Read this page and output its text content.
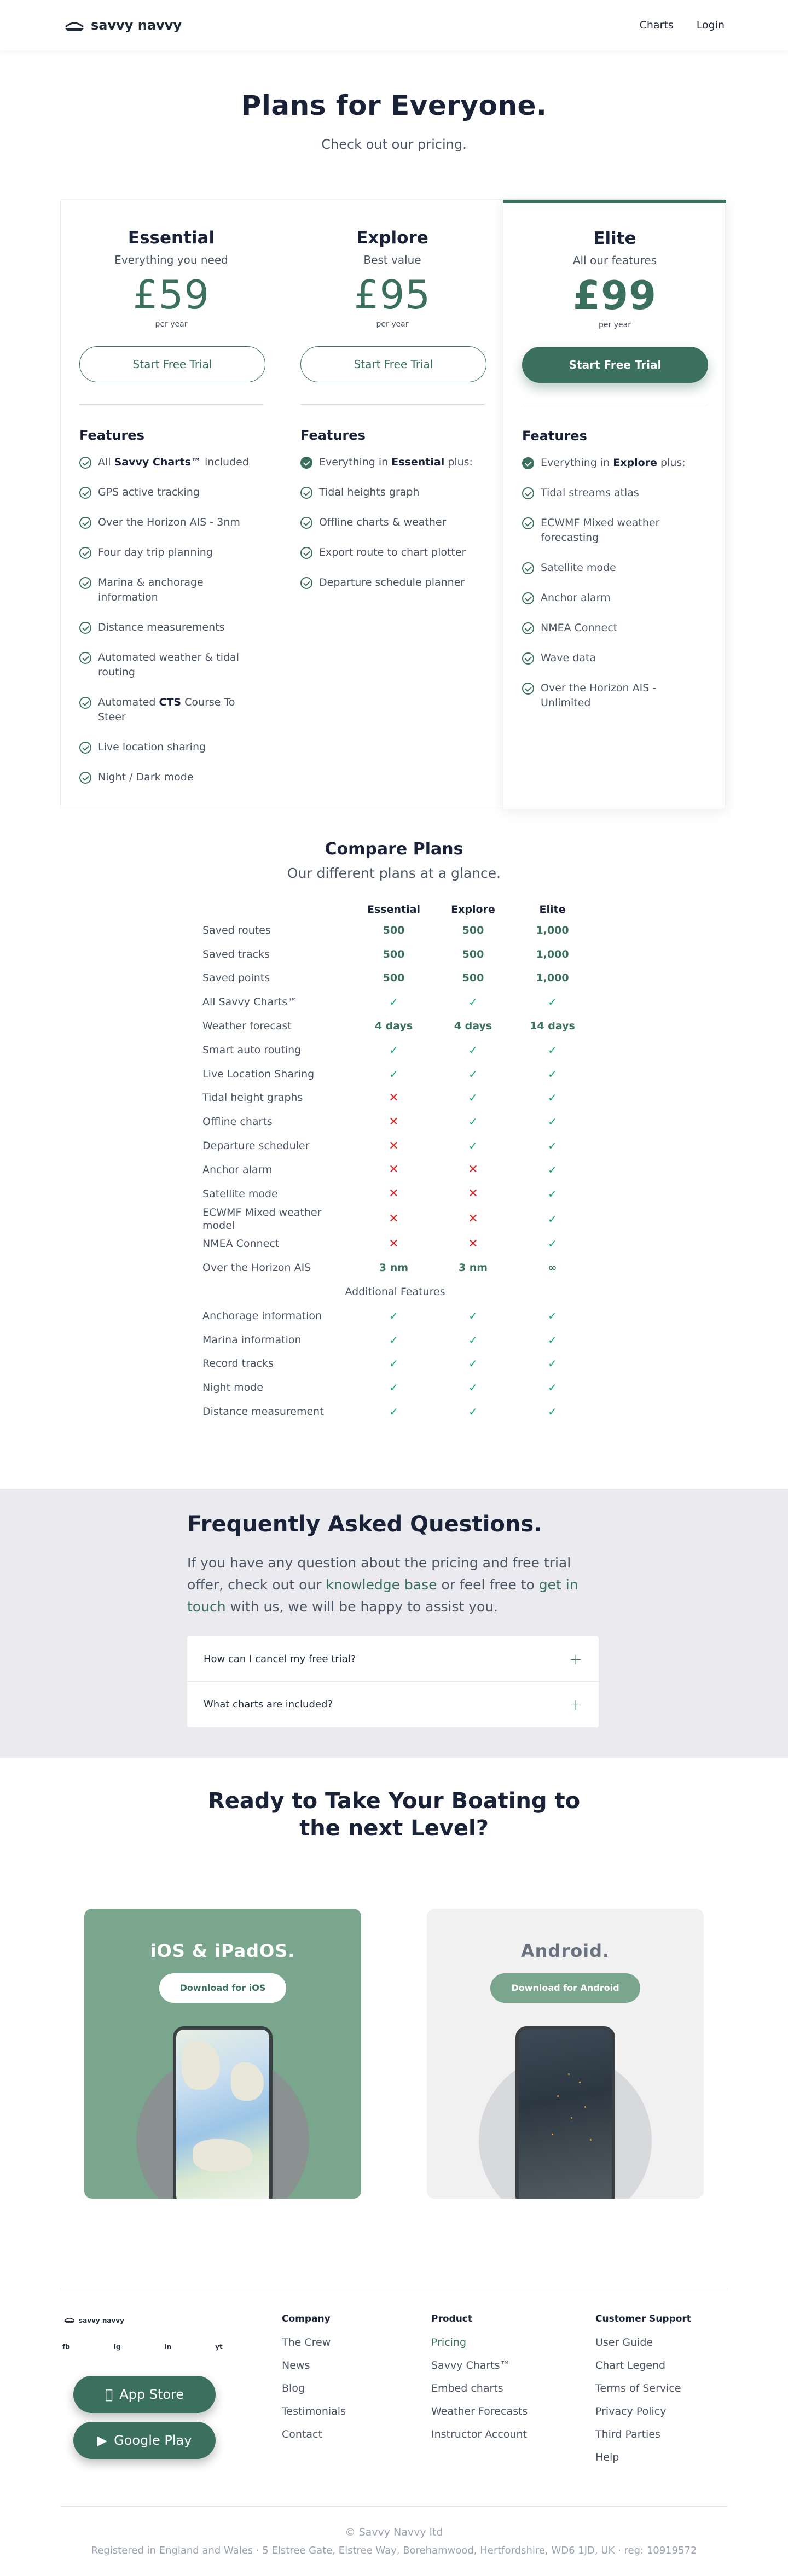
savvy navvy	Charts Login
Plans for Everyone.

Check out our pricing.

Essential
Everything you need
£59
per year
Start Free Trial
Features
All Savvy Charts™ included
GPS active tracking
Over the Horizon AIS - 3nm
Four day trip planning
Marina & anchorage information
Distance measurements
Automated weather & tidal routing
Automated CTS Course To Steer
Live location sharing
Night / Dark mode
Explore
Best value
£95
per year
Start Free Trial
Features
Everything in Essential plus:
Tidal heights graph
Offline charts & weather
Export route to chart plotter
Departure schedule planner
Elite
All our features
£99
per year
Start Free Trial
Features
Everything in Explore plus:
Tidal streams atlas
ECWMF Mixed weather forecasting
Satellite mode
Anchor alarm
NMEA Connect
Wave data
Over the Horizon AIS - Unlimited
Compare Plans

Our different plans at a glance.

	Essential	Explore	Elite
Saved routes	500	500	1,000
Saved tracks	500	500	1,000
Saved points	500	500	1,000
All Savvy Charts™	✓	✓	✓
Weather forecast	4 days	4 days	14 days
Smart auto routing	✓	✓	✓
Live Location Sharing	✓	✓	✓
Tidal height graphs	✕	✓	✓
Offline charts	✕	✓	✓
Departure scheduler	✕	✓	✓
Anchor alarm	✕	✕	✓
Satellite mode	✕	✕	✓
ECWMF Mixed weather model	✕	✕	✓
NMEA Connect	✕	✕	✓
Over the Horizon AIS	3 nm	3 nm	∞
Additional Features			
Anchorage information	✓	✓	✓
Marina information	✓	✓	✓
Record tracks	✓	✓	✓
Night mode	✓	✓	✓
Distance measurement	✓	✓	✓
Frequently Asked Questions.

If you have any question about the pricing and free trial offer, check out our knowledge base or feel free to get in touch with us, we will be happy to assist you.

How can I cancel my free trial?	+
What charts are included?	+
Ready to Take Your Boating to the next Level?
iOS & iPadOS.
Download for iOS
Android.
Download for Android
savvy navvy
fb	ig	in	yt
App Store
▶ Google Play
Company
The Crew
News
Blog
Testimonials
Contact
Product
Pricing
Savvy Charts™
Embed charts
Weather Forecasts
Instructor Account
Customer Support
User Guide
Chart Legend
Terms of Service
Privacy Policy
Third Parties
Help
© Savvy Navvy ltd
Registered in England and Wales · 5 Elstree Gate, Elstree Way, Borehamwood, Hertfordshire, WD6 1JD, UK · reg: 10919572
